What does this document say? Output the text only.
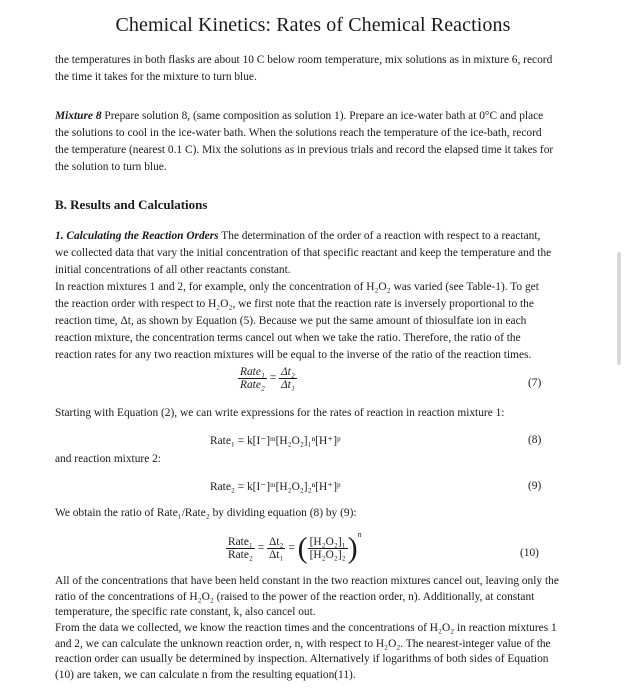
Chemical Kinetics: Rates of Chemical Reactions
the temperatures in both flasks are about 10 C below room temperature, mix solutions as in mixture 6, record the time it takes for the mixture to turn blue.
Mixture 8 Prepare solution 8, (same composition as solution 1). Prepare an ice-water bath at 0°C and place the solutions to cool in the ice-water bath. When the solutions reach the temperature of the ice-bath, record the temperature (nearest 0.1 C). Mix the solutions as in previous trials and record the elapsed time it takes for the solution to turn blue.
B. Results and Calculations
1. Calculating the Reaction Orders The determination of the order of a reaction with respect to a reactant, we collected data that vary the initial concentration of that specific reactant and keep the temperature and the initial concentrations of all other reactants constant.
In reaction mixtures 1 and 2, for example, only the concentration of H₂O₂ was varied (see Table-1). To get the reaction order with respect to H₂O₂, we first note that the reaction rate is inversely proportional to the reaction time, Δt, as shown by Equation (5). Because we put the same amount of thiosulfate ion in each reaction mixture, the concentration terms cancel out when we take the ratio. Therefore, the ratio of the reaction rates for any two reaction mixtures will be equal to the inverse of the ratio of the reaction times.
$\frac{\text{Rate₁}}{\text{Rate₂}} = \frac{\text{Δt₂}}{\text{Δt₁}}$	(7)
Starting with Equation (2), we can write expressions for the rates of reaction in reaction mixture 1:
Rate₁ = k[I⁻]ᵐ[H₂O₂]₁ⁿ[H⁺]ᵖ	(8)
and reaction mixture 2:
Rate₂ = k[I⁻]ᵐ[H₂O₂]₂ⁿ[H⁺]ᵖ	(9)
We obtain the ratio of Rate₁/Rate₂ by dividing equation (8) by (9):
$\frac{\text{Rate₁}}{\text{Rate₂}} = \frac{\text{Δt₂}}{\text{Δt₁}}$ = ( $\frac{\text{[H₂O₂]₁}}{\text{[H₂O₂]₂}} )^n$
(10)
All of the concentrations that have been held constant in the two reaction mixtures cancel out, leaving only the ratio of the concentrations of H₂O₂ (raised to the power of the reaction order, n). Additionally, at constant temperature, the specific rate constant, k, also cancel out.
From the data we collected, we know the reaction times and the concentrations of H₂O₂ in reaction mixtures 1 and 2, we can calculate the unknown reaction order, n, with respect to H₂O₂. The nearest-integer value of the reaction order can usually be determined by inspection. Alternatively if logarithms of both sides of Equation (10) are taken, we can calculate n from the resulting equation(11).
